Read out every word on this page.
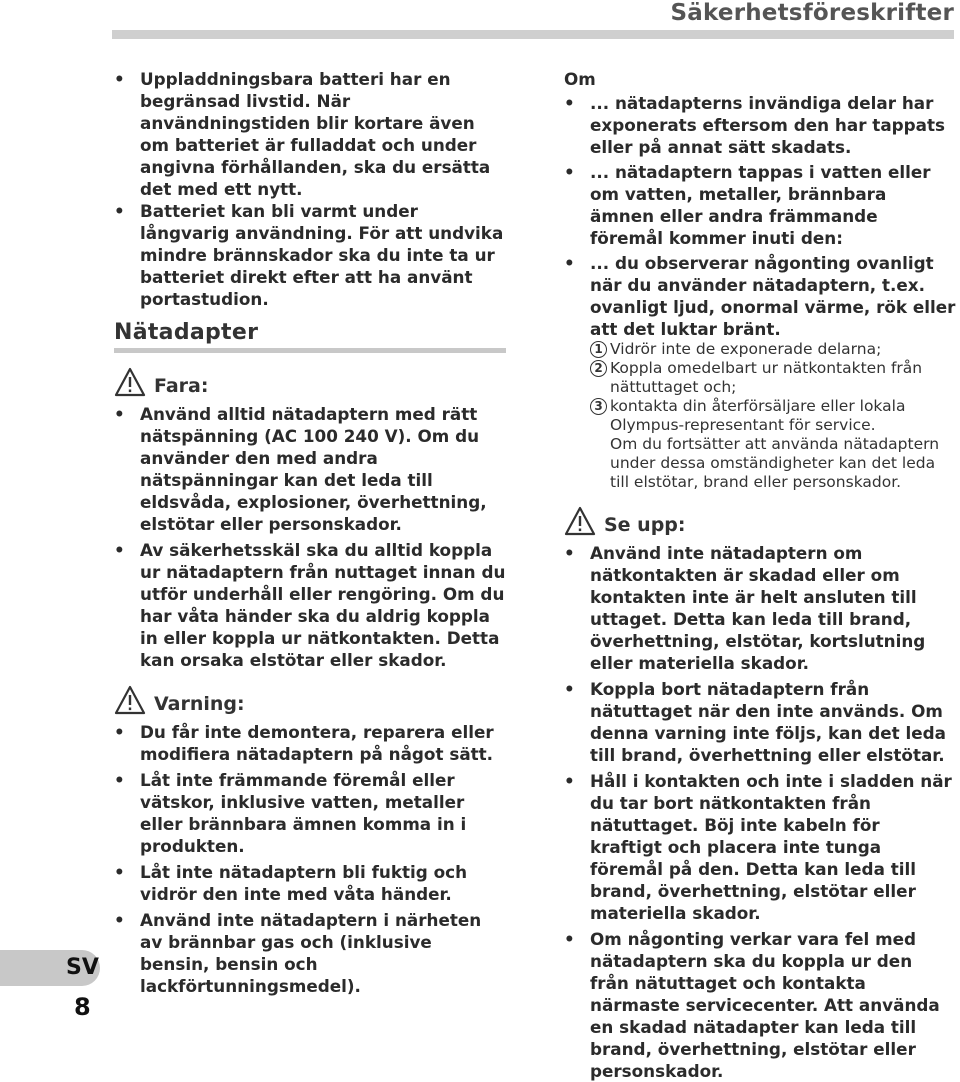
Säkerhetsföreskrifter
SV
8
• Uppladdningsbara batteri har en begränsad livstid. När användningstiden blir kortare även om batteriet är fulladdat och under angivna förhållanden, ska du ersätta det med ett nytt.
• Batteriet kan bli varmt under långvarig användning. För att undvika mindre brännskador ska du inte ta ur batteriet direkt efter att ha använt portastudion.
Nätadapter
Fara:
• Använd alltid nätadaptern med rätt nätspänning (AC 100 240 V). Om du använder den med andra nätspänningar kan det leda till eldsvåda, explosioner, överhettning, elstötar eller personskador.
• Av säkerhetsskäl ska du alltid koppla ur nätadaptern från nuttaget innan du utför underhåll eller rengöring. Om du har våta händer ska du aldrig koppla in eller koppla ur nätkontakten. Detta kan orsaka elstötar eller skador.
Varning:
• Du får inte demontera, reparera eller modifiera nätadaptern på något sätt.
• Låt inte främmande föremål eller vätskor, inklusive vatten, metaller eller brännbara ämnen komma in i produkten.
• Låt inte nätadaptern bli fuktig och vidrör den inte med våta händer.
• Använd inte nätadaptern i närheten av brännbar gas och (inklusive bensin, bensin och lackförtunningsmedel).
Om
• ... nätadapterns invändiga delar har exponerats eftersom den har tappats eller på annat sätt skadats.
• ... nätadaptern tappas i vatten eller om vatten, metaller, brännbara ämnen eller andra främmande föremål kommer inuti den:
• ... du observerar någonting ovanligt när du använder nätadaptern, t.ex. ovanligt ljud, onormal värme, rök eller att det luktar bränt.
1 Vidrör inte de exponerade delarna;
2 Koppla omedelbart ur nätkontakten från nättuttaget och;
3 kontakta din återförsäljare eller lokala Olympus-representant för service.
Om du fortsätter att använda nätadaptern under dessa omständigheter kan det leda till elstötar, brand eller personskador.
Se upp:
• Använd inte nätadaptern om nätkontakten är skadad eller om kontakten inte är helt ansluten till uttaget. Detta kan leda till brand, överhettning, elstötar, kortslutning eller materiella skador.
• Koppla bort nätadaptern från nätuttaget när den inte används. Om denna varning inte följs, kan det leda till brand, överhettning eller elstötar.
• Håll i kontakten och inte i sladden när du tar bort nätkontakten från nätuttaget. Böj inte kabeln för kraftigt och placera inte tunga föremål på den. Detta kan leda till brand, överhettning, elstötar eller materiella skador.
• Om någonting verkar vara fel med nätadaptern ska du koppla ur den från nätuttaget och kontakta närmaste servicecenter. Att använda en skadad nätadapter kan leda till brand, överhettning, elstötar eller personskador.
